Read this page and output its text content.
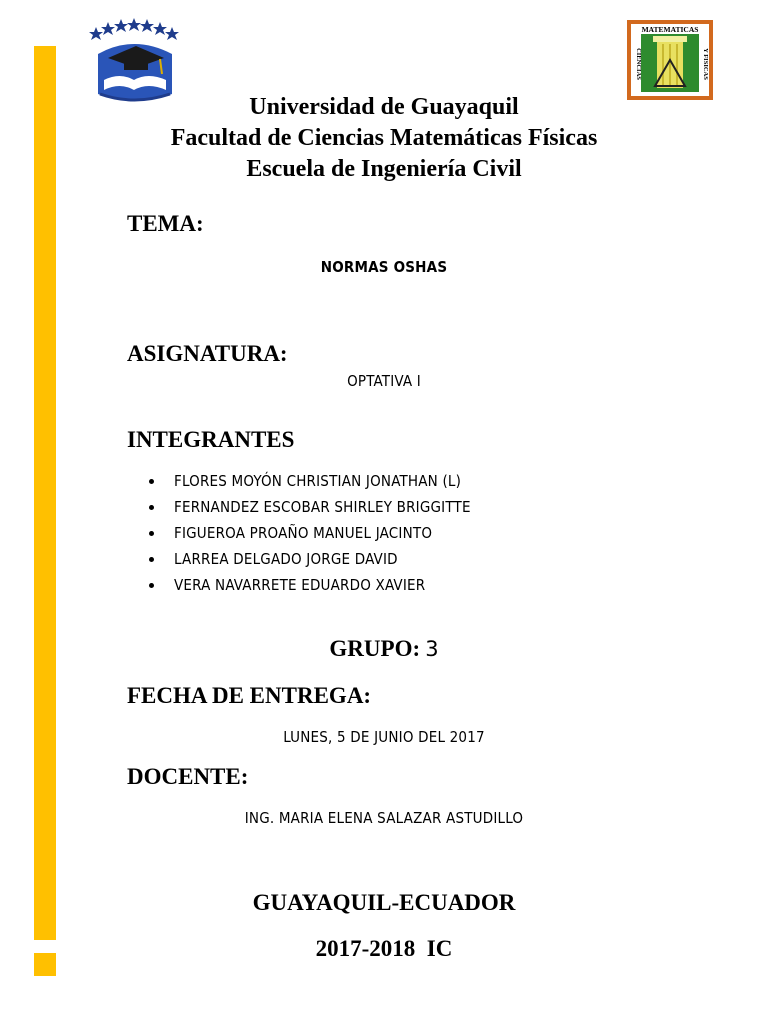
MATEMATICAS
CIENCIAS	Y FISICAS
Universidad de Guayaquil
Facultad de Ciencias Matemáticas Físicas
Escuela de Ingeniería Civil
TEMA:
NORMAS OSHAS
ASIGNATURA:
OPTATIVA I
INTEGRANTES
FLORES MOYÓN CHRISTIAN JONATHAN (L)
FERNANDEZ ESCOBAR SHIRLEY BRIGGITTE
FIGUEROA PROAÑO MANUEL JACINTO
LARREA DELGADO JORGE DAVID
VERA NAVARRETE EDUARDO XAVIER
GRUPO: 3
FECHA DE ENTREGA:
LUNES, 5 DE JUNIO DEL 2017
DOCENTE:
ING. MARIA ELENA SALAZAR ASTUDILLO
GUAYAQUIL-ECUADOR
2017-2018  IC
